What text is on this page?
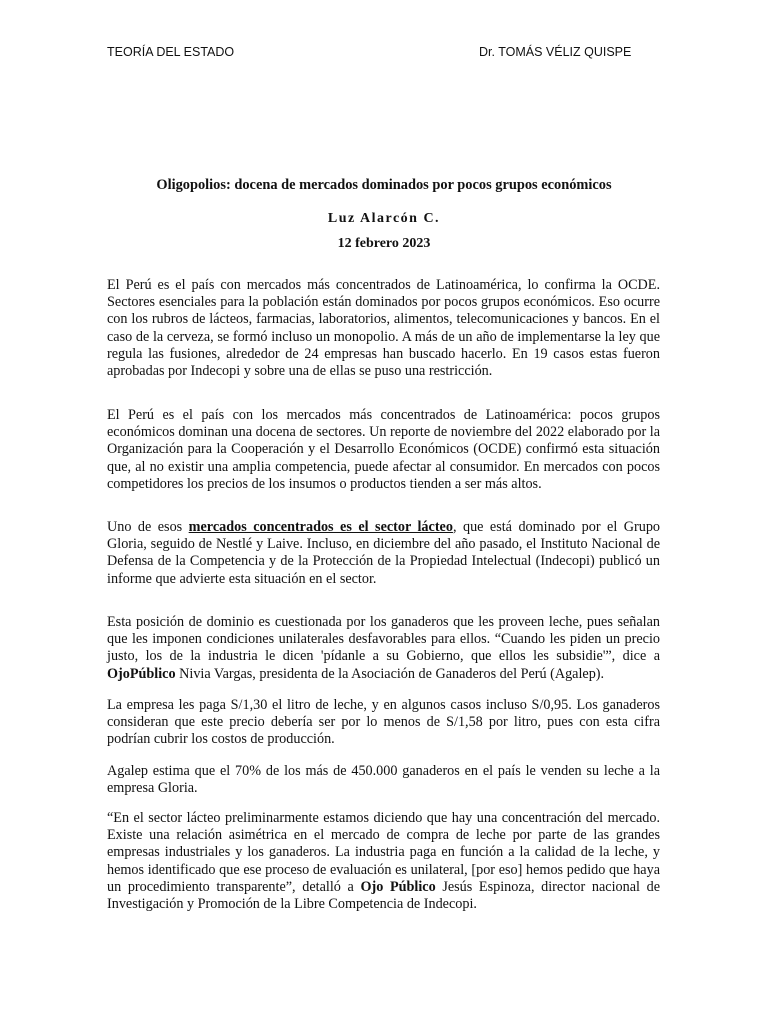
TEORÍA DEL ESTADO	Dr. TOMÁS VÉLIZ QUISPE
Oligopolios: docena de mercados dominados por pocos grupos económicos
Luz Alarcón C.
12 febrero 2023

El Perú es el país con mercados más concentrados de Latinoamérica, lo confirma la OCDE. Sectores esenciales para la población están dominados por pocos grupos económicos. Eso ocurre con los rubros de lácteos, farmacias, laboratorios, alimentos, telecomunicaciones y bancos. En el caso de la cerveza, se formó incluso un monopolio. A más de un año de implementarse la ley que regula las fusiones, alrededor de 24 empresas han buscado hacerlo. En 19 casos estas fueron aprobadas por Indecopi y sobre una de ellas se puso una restricción.

El Perú es el país con los mercados más concentrados de Latinoamérica: pocos grupos económicos dominan una docena de sectores. Un reporte de noviembre del 2022 elaborado por la Organización para la Cooperación y el Desarrollo Económicos (OCDE) confirmó esta situación que, al no existir una amplia competencia, puede afectar al consumidor. En mercados con pocos competidores los precios de los insumos o productos tienden a ser más altos.

Uno de esos mercados concentrados es el sector lácteo, que está dominado por el Grupo Gloria, seguido de Nestlé y Laive. Incluso, en diciembre del año pasado, el Instituto Nacional de Defensa de la Competencia y de la Protección de la Propiedad Intelectual (Indecopi) publicó un informe que advierte esta situación en el sector.

Esta posición de dominio es cuestionada por los ganaderos que les proveen leche, pues señalan que les imponen condiciones unilaterales desfavorables para ellos. “Cuando les piden un precio justo, los de la industria le dicen 'pídanle a su Gobierno, que ellos les subsidie'”, dice a OjoPúblico Nivia Vargas, presidenta de la Asociación de Ganaderos del Perú (Agalep).

La empresa les paga S/1,30 el litro de leche, y en algunos casos incluso S/0,95. Los ganaderos consideran que este precio debería ser por lo menos de S/1,58 por litro, pues con esta cifra podrían cubrir los costos de producción.

Agalep estima que el 70% de los más de 450.000 ganaderos en el país le venden su leche a la empresa Gloria.

“En el sector lácteo preliminarmente estamos diciendo que hay una concentración del mercado. Existe una relación asimétrica en el mercado de compra de leche por parte de las grandes empresas industriales y los ganaderos. La industria paga en función a la calidad de la leche, y hemos identificado que ese proceso de evaluación es unilateral, [por eso] hemos pedido que haya un procedimiento transparente”, detalló a Ojo Público Jesús Espinoza, director nacional de Investigación y Promoción de la Libre Competencia de Indecopi.
